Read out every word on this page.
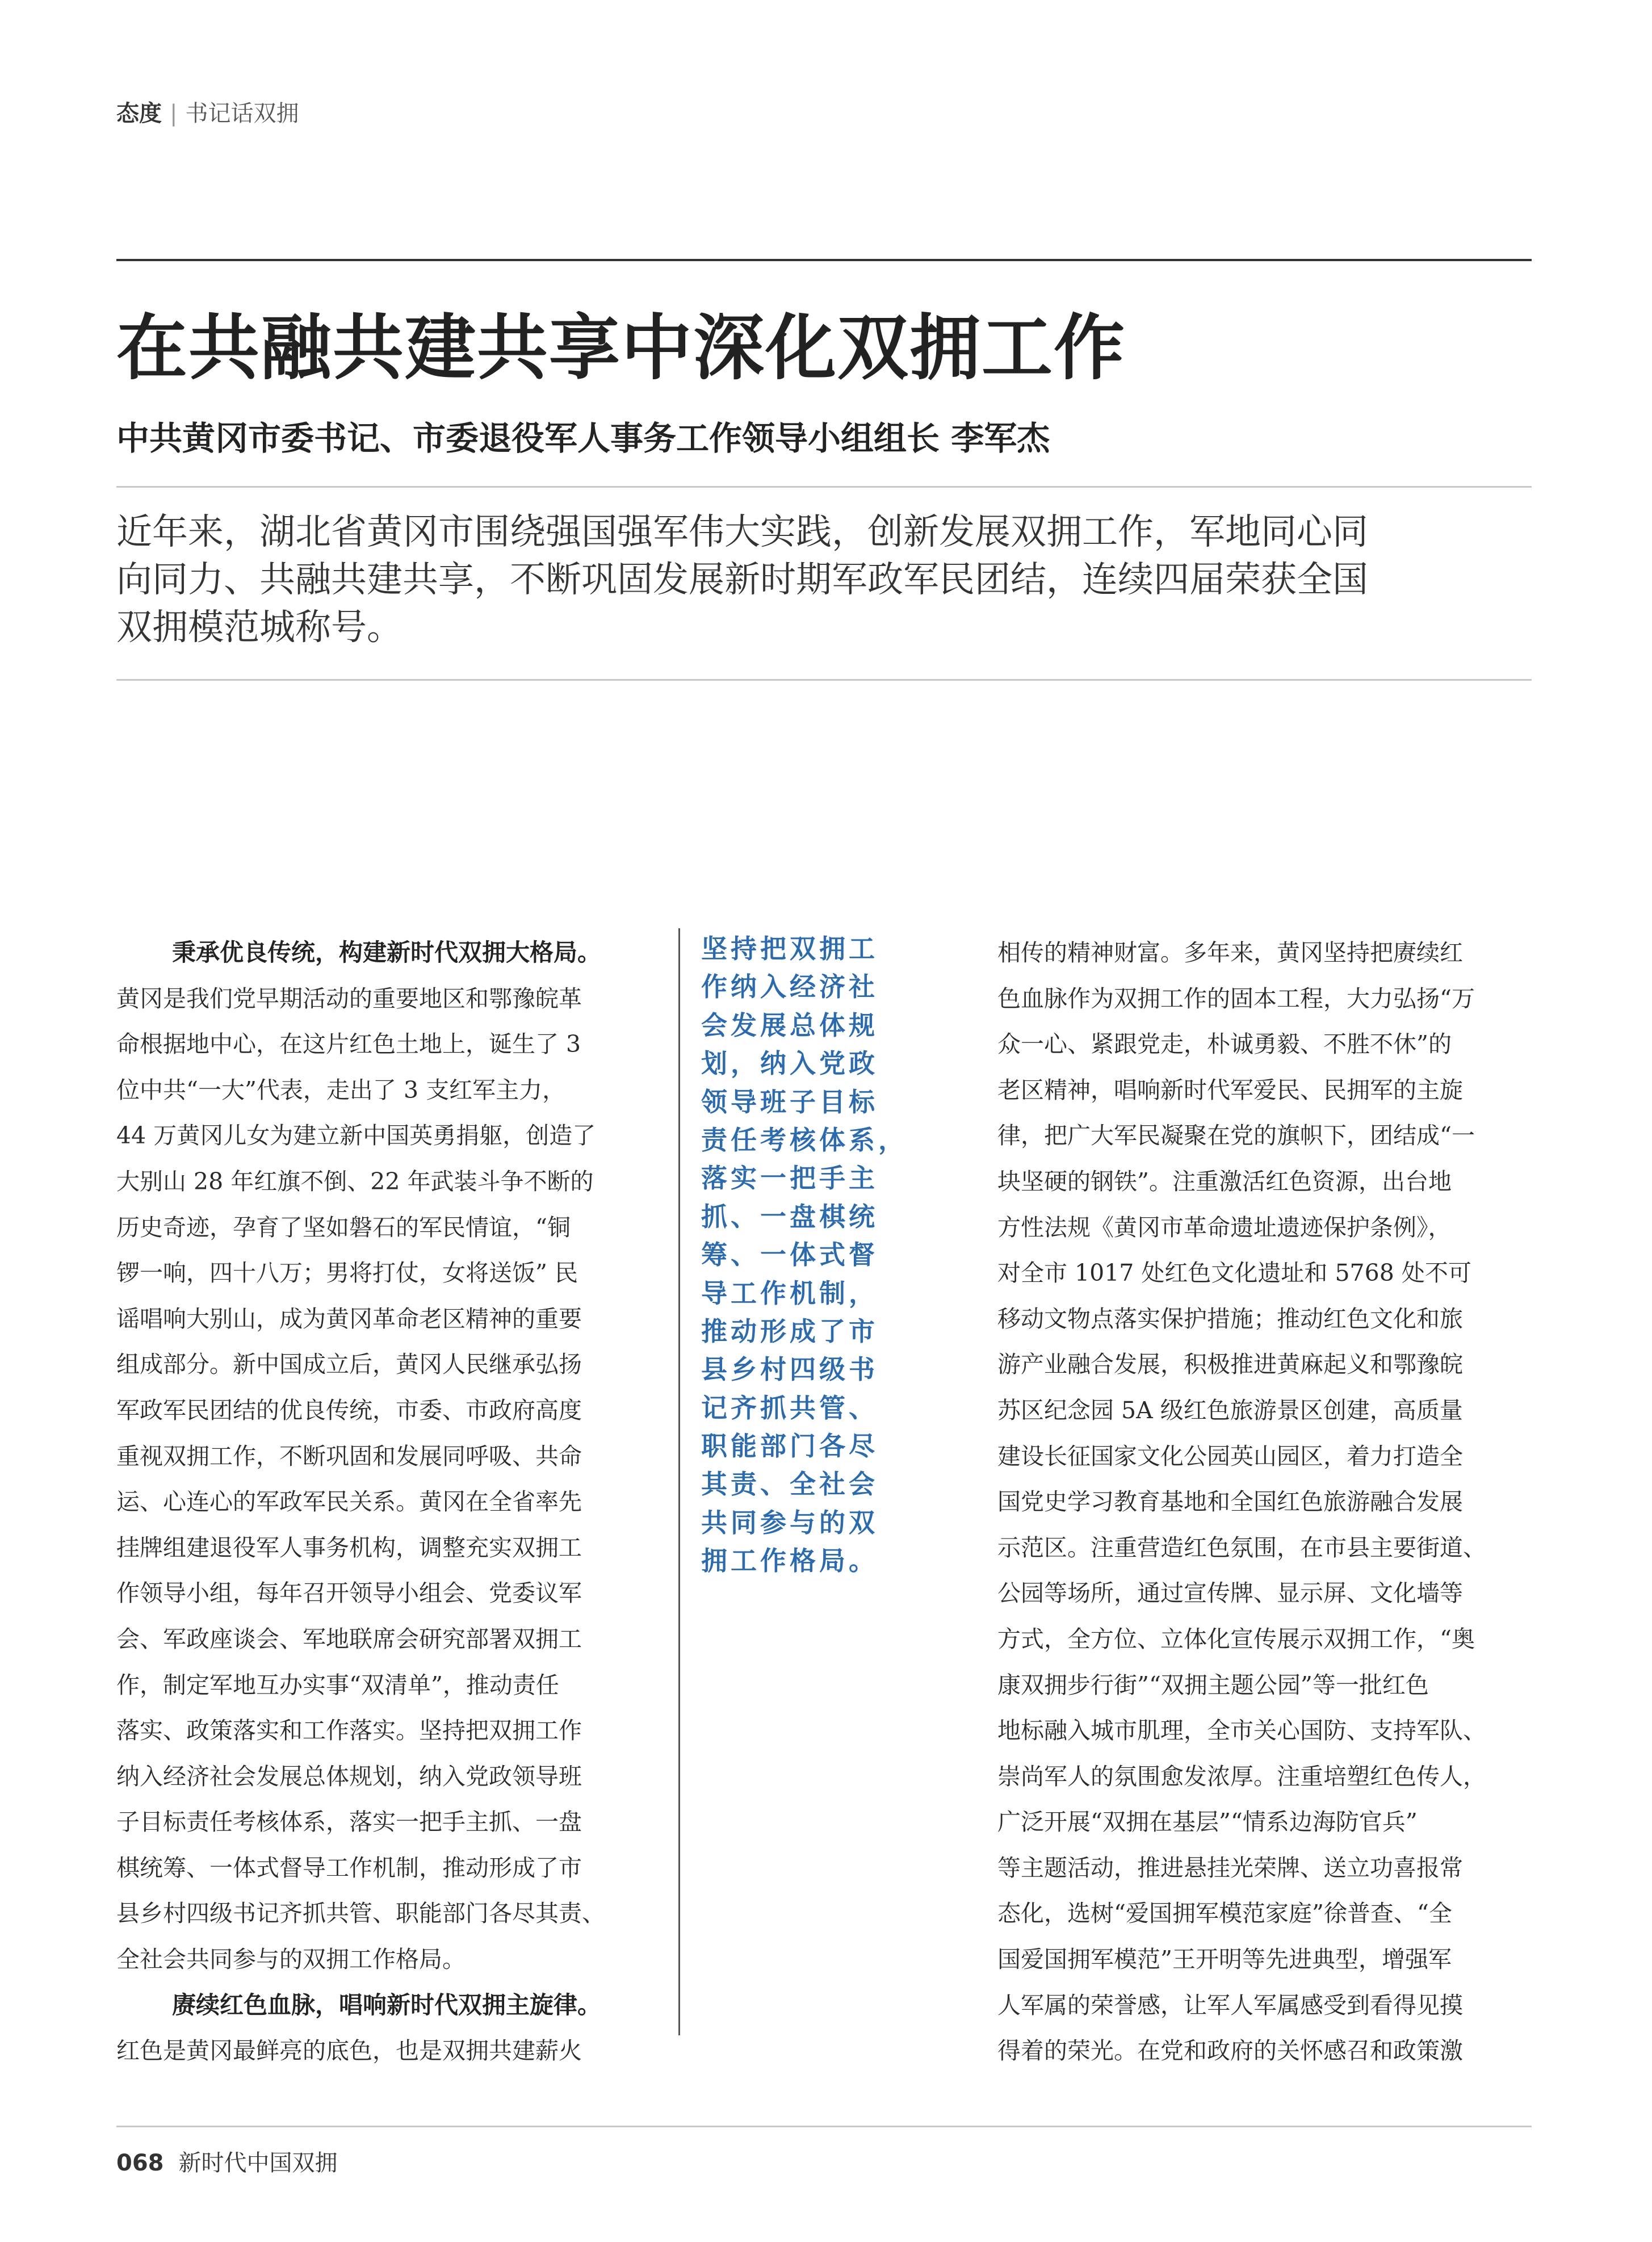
态度 | 书记话双拥
在共融共建共享中深化双拥工作
中共黄冈市委书记、市委退役军人事务工作领导小组组长 李军杰
近年来，湖北省黄冈市围绕强国强军伟大实践，创新发展双拥工作，军地同心同
向同力、共融共建共享，不断巩固发展新时期军政军民团结，连续四届荣获全国
双拥模范城称号。
秉承优良传统，构建新时代双拥大格局。
黄冈是我们党早期活动的重要地区和鄂豫皖革
命根据地中心，在这片红色土地上，诞生了 3
位中共“一大”代表，走出了 3 支红军主力，
44 万黄冈儿女为建立新中国英勇捐躯，创造了
大别山 28 年红旗不倒、22 年武装斗争不断的
历史奇迹，孕育了坚如磐石的军民情谊，“铜
锣一响，四十八万；男将打仗，女将送饭” 民
谣唱响大别山，成为黄冈革命老区精神的重要
组成部分。新中国成立后，黄冈人民继承弘扬
军政军民团结的优良传统，市委、市政府高度
重视双拥工作，不断巩固和发展同呼吸、共命
运、心连心的军政军民关系。黄冈在全省率先
挂牌组建退役军人事务机构，调整充实双拥工
作领导小组，每年召开领导小组会、党委议军
会、军政座谈会、军地联席会研究部署双拥工
作，制定军地互办实事“双清单”，推动责任
落实、政策落实和工作落实。坚持把双拥工作
纳入经济社会发展总体规划，纳入党政领导班
子目标责任考核体系，落实一把手主抓、一盘
棋统筹、一体式督导工作机制，推动形成了市
县乡村四级书记齐抓共管、职能部门各尽其责、
全社会共同参与的双拥工作格局。
赓续红色血脉，唱响新时代双拥主旋律。
红色是黄冈最鲜亮的底色，也是双拥共建薪火
坚持把双拥工
作纳入经济社
会发展总体规
划，纳入党政
领导班子目标
责任考核体系，
落实一把手主
抓、一盘棋统
筹、一体式督
导工作机制，
推动形成了市
县乡村四级书
记齐抓共管、
职能部门各尽
其责、全社会
共同参与的双
拥工作格局。
相传的精神财富。多年来，黄冈坚持把赓续红
色血脉作为双拥工作的固本工程，大力弘扬“万
众一心、紧跟党走，朴诚勇毅、不胜不休”的
老区精神，唱响新时代军爱民、民拥军的主旋
律，把广大军民凝聚在党的旗帜下，团结成“一
块坚硬的钢铁”。注重激活红色资源，出台地
方性法规《黄冈市革命遗址遗迹保护条例》，
对全市 1017 处红色文化遗址和 5768 处不可
移动文物点落实保护措施；推动红色文化和旅
游产业融合发展，积极推进黄麻起义和鄂豫皖
苏区纪念园 5A 级红色旅游景区创建，高质量
建设长征国家文化公园英山园区，着力打造全
国党史学习教育基地和全国红色旅游融合发展
示范区。注重营造红色氛围，在市县主要街道、
公园等场所，通过宣传牌、显示屏、文化墙等
方式，全方位、立体化宣传展示双拥工作，“奥
康双拥步行街”“双拥主题公园”等一批红色
地标融入城市肌理，全市关心国防、支持军队、
崇尚军人的氛围愈发浓厚。注重培塑红色传人，
广泛开展“双拥在基层”“情系边海防官兵”
等主题活动，推进悬挂光荣牌、送立功喜报常
态化，选树“爱国拥军模范家庭”徐普查、“全
国爱国拥军模范”王开明等先进典型，增强军
人军属的荣誉感，让军人军属感受到看得见摸
得着的荣光。在党和政府的关怀感召和政策激
068 新时代中国双拥
